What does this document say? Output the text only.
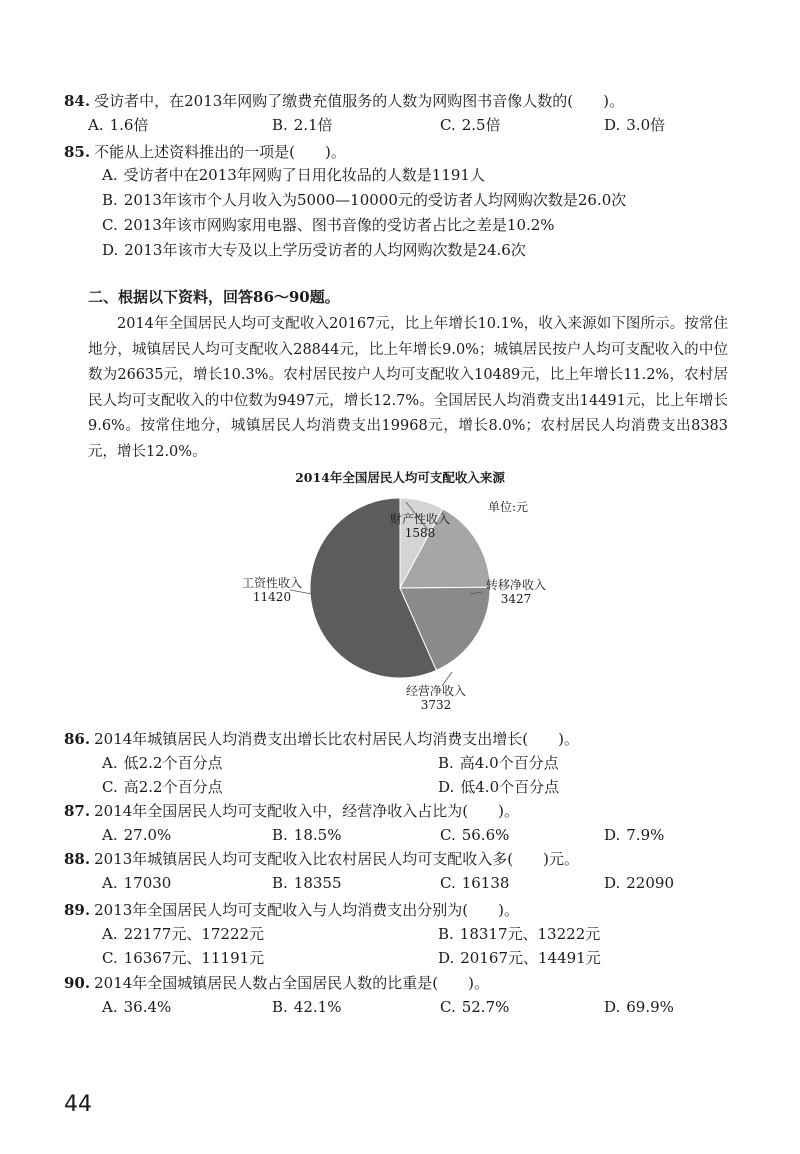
84. 受访者中，在2013年网购了缴费充值服务的人数为网购图书音像人数的(　　)。
A. 1.6倍	B. 2.1倍	C. 2.5倍	D. 3.0倍
85. 不能从上述资料推出的一项是(　　)。
A. 受访者中在2013年网购了日用化妆品的人数是1191人
B. 2013年该市个人月收入为5000—10000元的受访者人均网购次数是26.0次
C. 2013年该市网购家用电器、图书音像的受访者占比之差是10.2%
D. 2013年该市大专及以上学历受访者的人均网购次数是24.6次
二、根据以下资料，回答86～90题。
2014年全国居民人均可支配收入20167元，比上年增长10.1%，收入来源如下图所示。按常住地分，城镇居民人均可支配收入28844元，比上年增长9.0%；城镇居民按户人均可支配收入的中位数为26635元，增长10.3%。农村居民按户人均可支配收入10489元，比上年增长11.2%，农村居民人均可支配收入的中位数为9497元，增长12.7%。全国居民人均消费支出14491元，比上年增长9.6%。按常住地分，城镇居民人均消费支出19968元，增长8.0%；农村居民人均消费支出8383元，增长12.0%。
2014年全国居民人均可支配收入来源
单位:元
工资性收入
11420
财产性收入
1588
转移净收入
3427
经营净收入
3732
86. 2014年城镇居民人均消费支出增长比农村居民人均消费支出增长(　　)。
A. 低2.2个百分点	B. 高4.0个百分点
C. 高2.2个百分点	D. 低4.0个百分点
87. 2014年全国居民人均可支配收入中，经营净收入占比为(　　)。
A. 27.0%	B. 18.5%	C. 56.6%	D. 7.9%
88. 2013年城镇居民人均可支配收入比农村居民人均可支配收入多(　　)元。
A. 17030	B. 18355	C. 16138	D. 22090
89. 2013年全国居民人均可支配收入与人均消费支出分别为(　　)。
A. 22177元、17222元	B. 18317元、13222元
C. 16367元、11191元	D. 20167元、14491元
90. 2014年全国城镇居民人数占全国居民人数的比重是(　　)。
A. 36.4%	B. 42.1%	C. 52.7%	D. 69.9%
44
